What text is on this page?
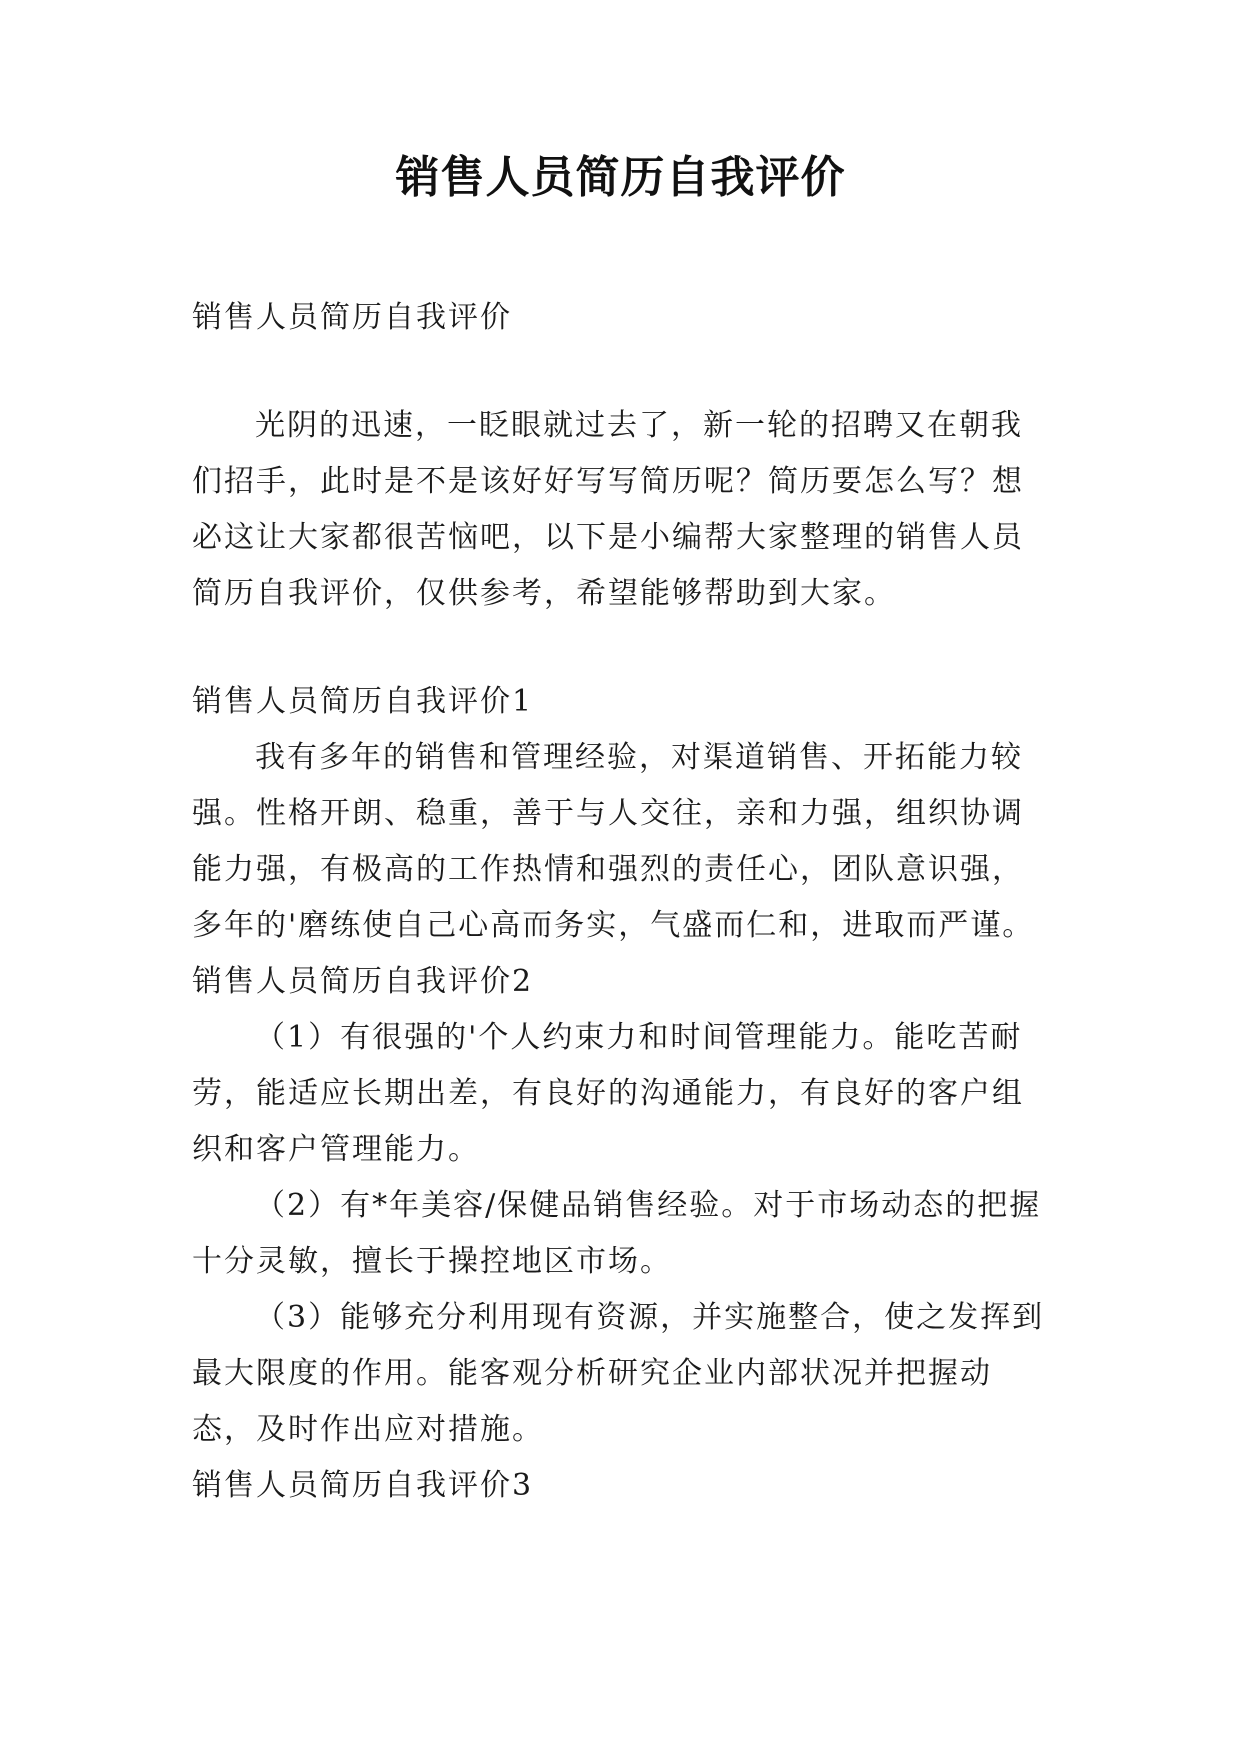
销售人员简历自我评价

销售人员简历自我评价

光阴的迅速，一眨眼就过去了，新一轮的招聘又在朝我们招手，此时是不是该好好写写简历呢？简历要怎么写？想必这让大家都很苦恼吧，以下是小编帮大家整理的销售人员简历自我评价，仅供参考，希望能够帮助到大家。

销售人员简历自我评价1

我有多年的销售和管理经验，对渠道销售、开拓能力较强。性格开朗、稳重，善于与人交往，亲和力强，组织协调能力强，有极高的工作热情和强烈的责任心，团队意识强，多年的'磨练使自己心高而务实，气盛而仁和，进取而严谨。

销售人员简历自我评价2

（1）有很强的'个人约束力和时间管理能力。能吃苦耐劳，能适应长期出差，有良好的沟通能力，有良好的客户组织和客户管理能力。

（2）有*年美容/保健品销售经验。对于市场动态的把握十分灵敏，擅长于操控地区市场。

（3）能够充分利用现有资源，并实施整合，使之发挥到最大限度的作用。能客观分析研究企业内部状况并把握动态，及时作出应对措施。

销售人员简历自我评价3
